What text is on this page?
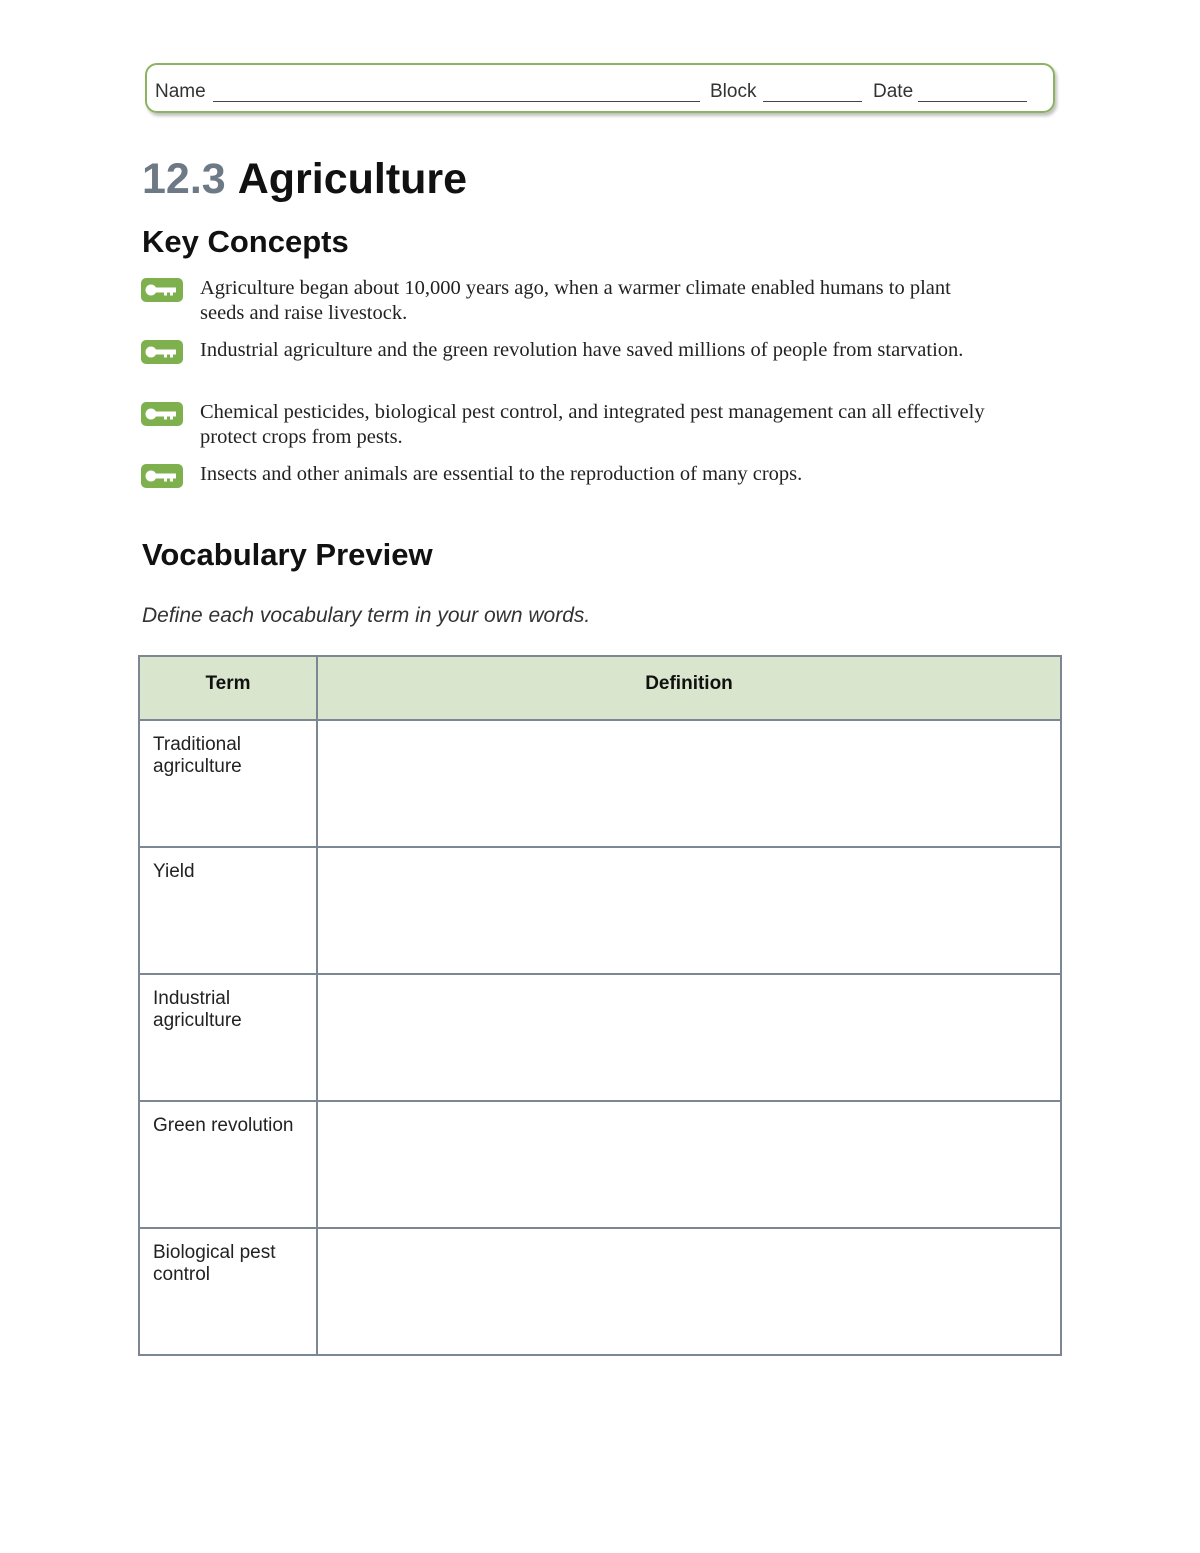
Name	Block	Date
12.3 Agriculture
Key Concepts
Agriculture began about 10,000 years ago, when a warmer climate enabled humans to plant seeds and raise livestock.
Industrial agriculture and the green revolution have saved millions of people from starvation.
Chemical pesticides, biological pest control, and integrated pest management can all effectively protect crops from pests.
Insects and other animals are essential to the reproduction of many crops.
Vocabulary Preview
Define each vocabulary term in your own words.
Term	Definition
Traditional agriculture	
Yield	
Industrial agriculture	
Green revolution	
Biological pest control	
